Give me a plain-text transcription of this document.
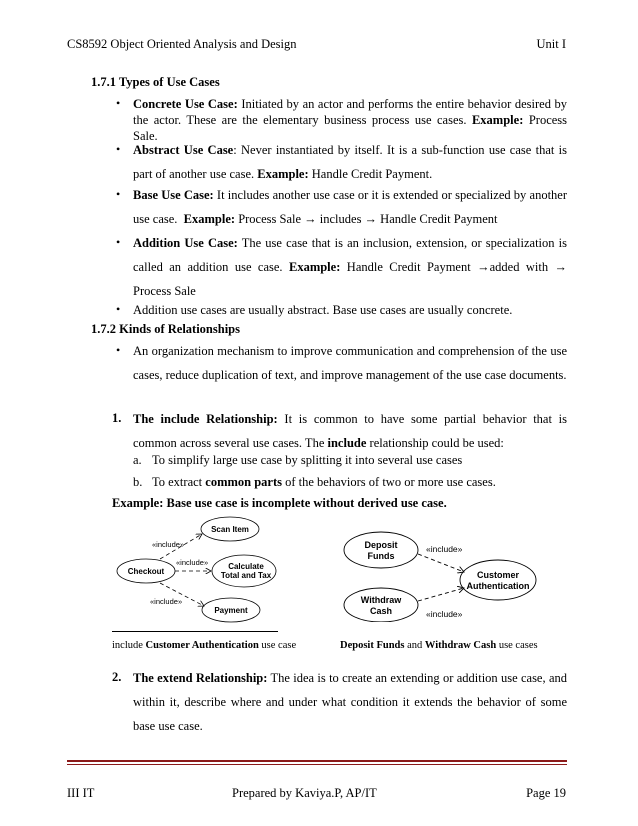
CS8592 Object Oriented Analysis and Design	Unit I
1.7.1 Types of Use Cases
• Concrete Use Case: Initiated by an actor and performs the entire behavior desired by the actor. These are the elementary business process use cases. Example: Process Sale.
• Abstract Use Case: Never instantiated by itself. It is a sub-function use case that is part of another use case. Example: Handle Credit Payment.
• Base Use Case: It includes another use case or it is extended or specialized by another use case. Example: Process Sale → includes → Handle Credit Payment
• Addition Use Case: The use case that is an inclusion, extension, or specialization is called an addition use case. Example: Handle Credit Payment →added with → Process Sale
• Addition use cases are usually abstract. Base use cases are usually concrete.
1.7.2 Kinds of Relationships
• An organization mechanism to improve communication and comprehension of the use cases, reduce duplication of text, and improve management of the use case documents.
1. The include Relationship: It is common to have some partial behavior that is common across several use cases. The include relationship could be used:
a. To simplify large use case by splitting it into several use cases
b. To extract common parts of the behaviors of two or more use cases.
Example: Base use case is incomplete without derived use case.
Checkout
Scan Item
Calculate
Total and Tax
Payment
«include»
«include»
«include»
Deposit
Funds
Withdraw
Cash
Customer
Authentication
«include»
«include»
include Customer Authentication use case	Deposit Funds and Withdraw Cash use cases
2. The extend Relationship: The idea is to create an extending or addition use case, and within it, describe where and under what condition it extends the behavior of some base use case.
III IT	Prepared by Kaviya.P, AP/IT	Page 19
